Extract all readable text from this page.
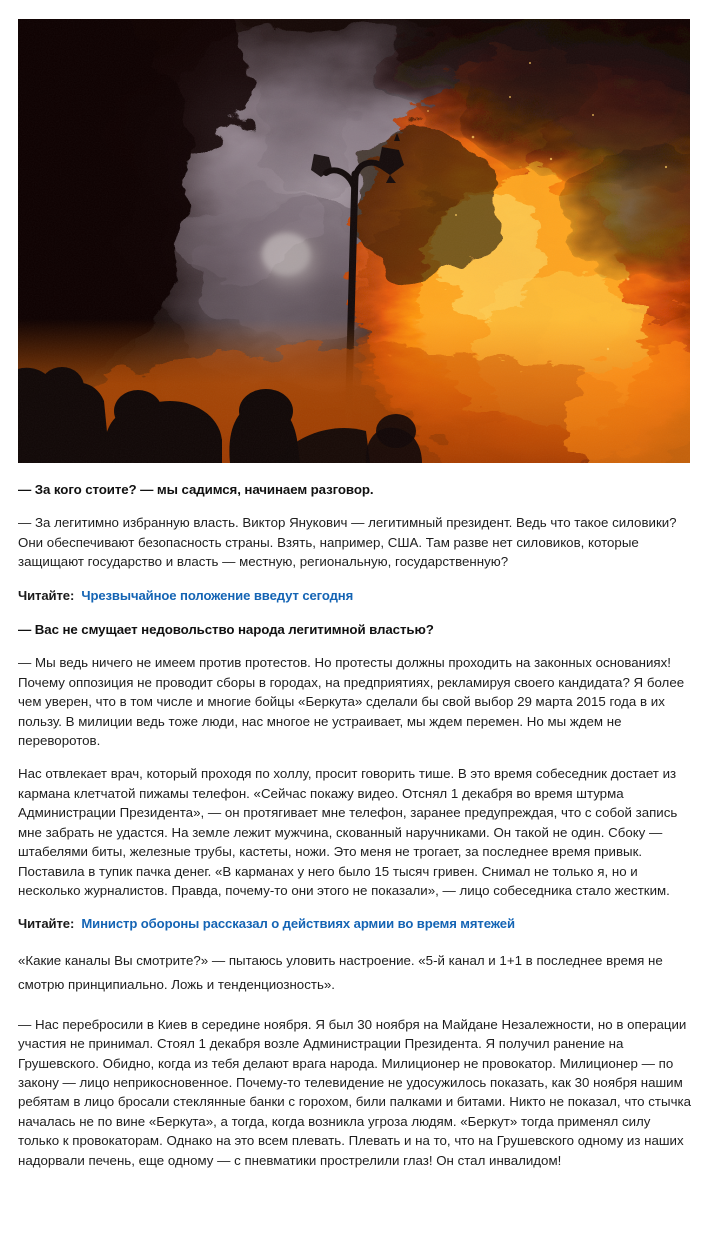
— За кого стоите? — мы садимся, начинаем разговор.

— За легитимно избранную власть. Виктор Янукович — легитимный президент. Ведь что такое силовики? Они обеспечивают безопасность страны. Взять, например, США. Там разве нет силовиков, которые защищают государство и власть — местную, региональную, государственную?

Читайте: Чрезвычайное положение введут сегодня

— Вас не смущает недовольство народа легитимной властью?

— Мы ведь ничего не имеем против протестов. Но протесты должны проходить на законных основаниях! Почему оппозиция не проводит сборы в городах, на предприятиях, рекламируя своего кандидата? Я более чем уверен, что в том числе и многие бойцы «Беркута» сделали бы свой выбор 29 марта 2015 года в их пользу. В милиции ведь тоже люди, нас многое не устраивает, мы ждем перемен. Но мы ждем не переворотов.

Нас отвлекает врач, который проходя по холлу, просит говорить тише. В это время собеседник достает из кармана клетчатой пижамы телефон. «Сейчас покажу видео. Отснял 1 декабря во время штурма Администрации Президента», — он протягивает мне телефон, заранее предупреждая, что с собой запись мне забрать не удастся. На земле лежит мужчина, скованный наручниками. Он такой не один. Сбоку — штабелями биты, железные трубы, кастеты, ножи. Это меня не трогает, за последнее время привык. Поставила в тупик пачка денег. «В карманах у него было 15 тысяч гривен. Снимал не только я, но и несколько журналистов. Правда, почему-то они этого не показали», — лицо собеседника стало жестким.

Читайте: Министр обороны рассказал о действиях армии во время мятежей

«Какие каналы Вы смотрите?» — пытаюсь уловить настроение. «5-й канал и 1+1 в последнее время не смотрю принципиально. Ложь и тенденциозность».

— Нас перебросили в Киев в середине ноября. Я был 30 ноября на Майдане Незалежности, но в операции участия не принимал. Стоял 1 декабря возле Администрации Президента. Я получил ранение на Грушевского. Обидно, когда из тебя делают врага народа. Милиционер не провокатор. Милиционер — по закону — лицо неприкосновенное. Почему-то телевидение не удосужилось показать, как 30 ноября нашим ребятам в лицо бросали стеклянные банки с горохом, били палками и битами. Никто не показал, что стычка началась не по вине «Беркута», а тогда, когда возникла угроза людям. «Беркут» тогда применял силу только к провокаторам. Однако на это всем плевать. Плевать и на то, что на Грушевского одному из наших надорвали печень, еще одному — с пневматики прострелили глаз! Он стал инвалидом!
